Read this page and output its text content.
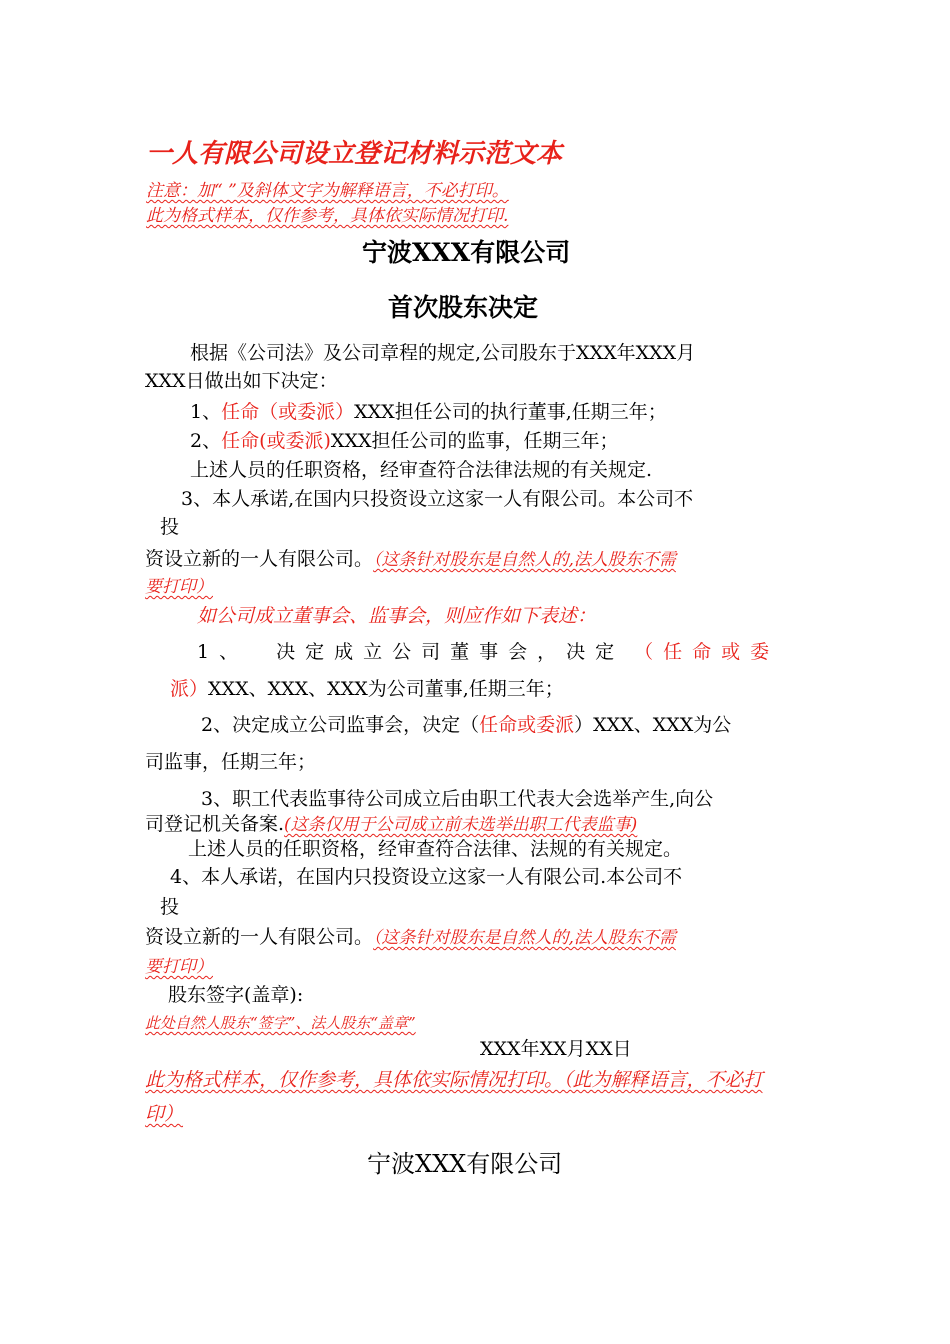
一人有限公司设立登记材料示范文本
注意：加“ ”及斜体文字为解释语言，不必打印。
此为格式样本，仅作参考，具体依实际情况打印.
宁波XXX有限公司
首次股东决定
根据《公司法》及公司章程的规定,公司股东于XXX年XXX月
XXX日做出如下决定：
1、任命（或委派）XXX担任公司的执行董事,任期三年；
2、任命(或委派)XXX担任公司的监事，任期三年；
上述人员的任职资格，经审查符合法律法规的有关规定.
3、本人承诺,在国内只投资设立这家一人有限公司。本公司不
投
资设立新的一人有限公司。（这条针对股东是自然人的,法人股东不需
要打印）
如公司成立董事会、监事会，则应作如下表述：
1、 决定成立公司董事会，决定 （任命或委
派）XXX、XXX、XXX为公司董事,任期三年；
2、决定成立公司监事会，决定（任命或委派）XXX、XXX为公
司监事，任期三年；
3、职工代表监事待公司成立后由职工代表大会选举产生,向公
司登记机关备案.(这条仅用于公司成立前未选举出职工代表监事)
上述人员的任职资格，经审查符合法律、法规的有关规定。
4、本人承诺，在国内只投资设立这家一人有限公司.本公司不
投
资设立新的一人有限公司。（这条针对股东是自然人的,法人股东不需
要打印）
股东签字(盖章):
此处自然人股东“签字”、法人股东“盖章”
XXX年XX月XX日
此为格式样本，仅作参考，具体依实际情况打印。（此为解释语言，不必打
印）
宁波XXX有限公司
